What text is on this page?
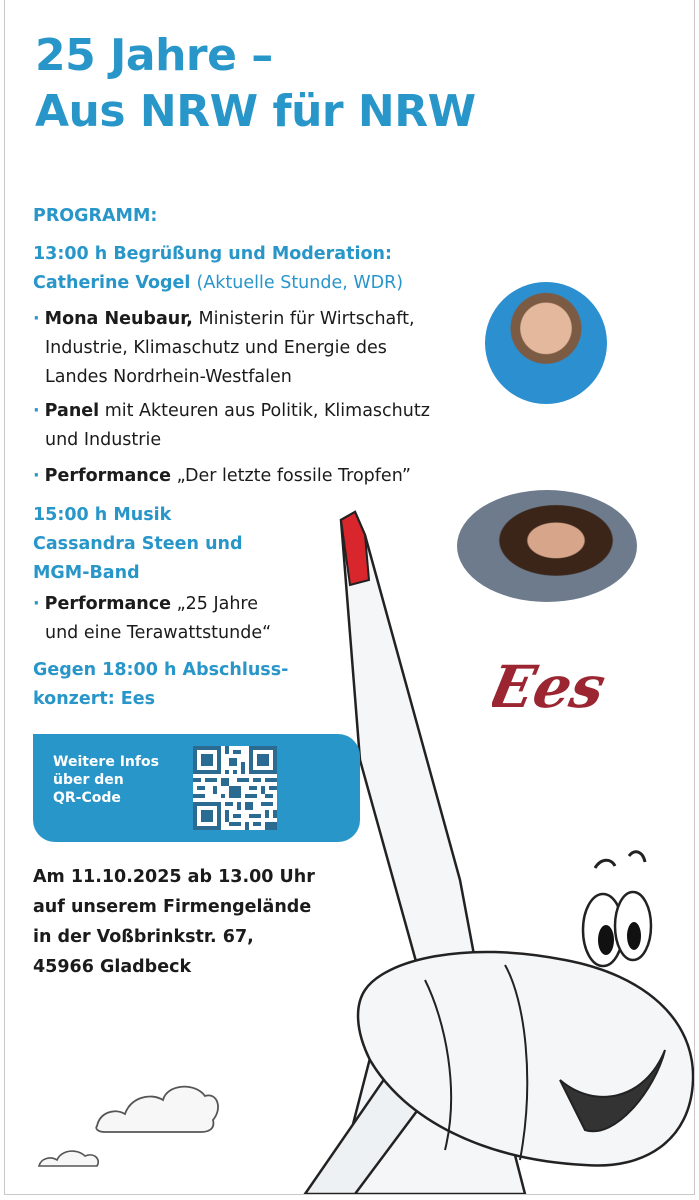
25 Jahre –
Aus NRW für NRW
PROGRAMM:
13:00 h Begrüßung und Moderation:
Catherine Vogel (Aktuelle Stunde, WDR)
· Mona Neubaur, Ministerin für Wirtschaft,
Industrie, Klimaschutz und Energie des
Landes Nordrhein-Westfalen
· Panel mit Akteuren aus Politik, Klimaschutz
und Industrie
· Performance „Der letzte fossile Tropfen”
15:00 h Musik
Cassandra Steen und
MGM-Band
· Performance „25 Jahre
und eine Terawattstunde“
Gegen 18:00 h Abschluss-
konzert: Ees	Ees
Weitere Infos
über den
QR-Code
Am 11.10.2025 ab 13.00 Uhr
auf unserem Firmengelände
in der Voßbrinkstr. 67,
45966 Gladbeck
